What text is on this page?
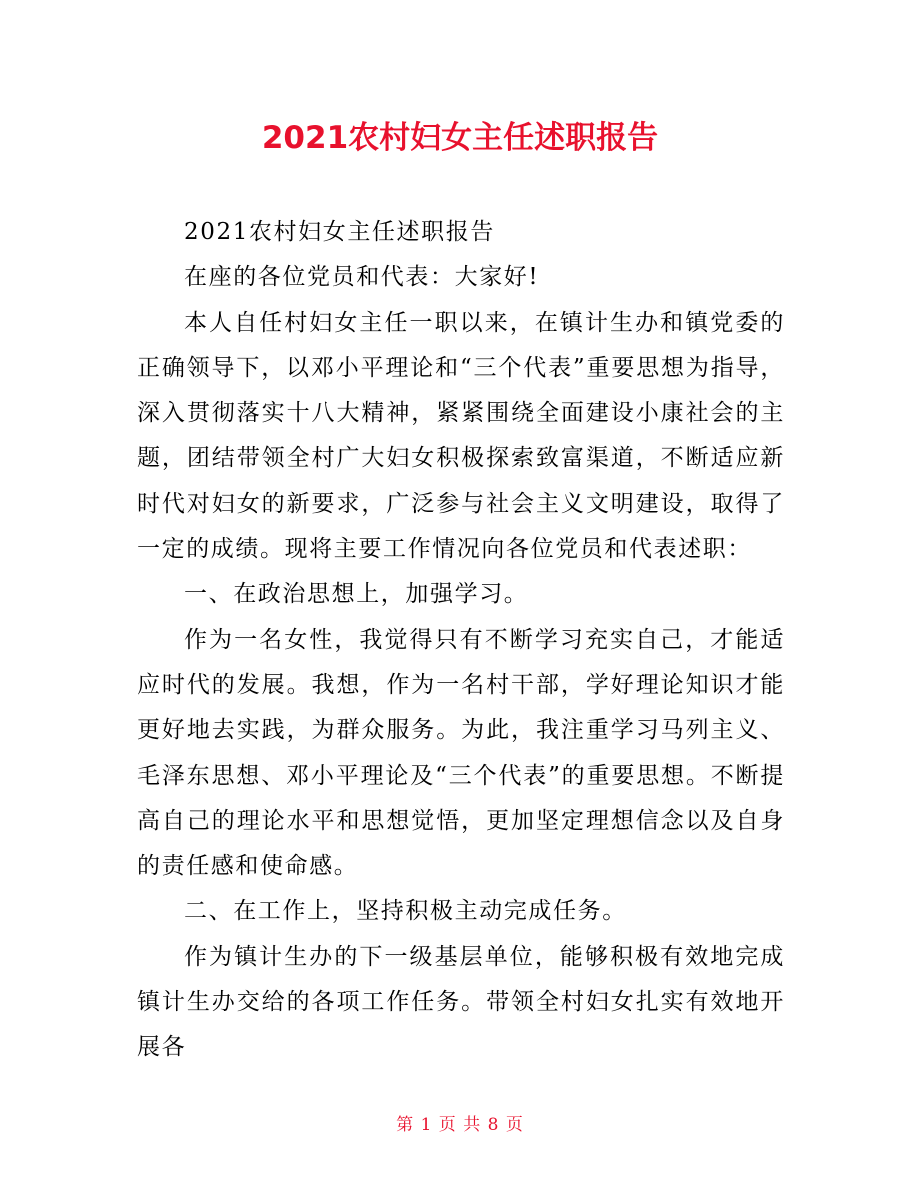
2021农村妇女主任述职报告

2021农村妇女主任述职报告

在座的各位党员和代表：大家好!

本人自任村妇女主任一职以来，在镇计生办和镇党委的正确领导下，以邓小平理论和“三个代表”重要思想为指导，深入贯彻落实十八大精神，紧紧围绕全面建设小康社会的主题，团结带领全村广大妇女积极探索致富渠道，不断适应新时代对妇女的新要求，广泛参与社会主义文明建设，取得了一定的成绩。现将主要工作情况向各位党员和代表述职：

一、在政治思想上，加强学习。

作为一名女性，我觉得只有不断学习充实自己，才能适应时代的发展。我想，作为一名村干部，学好理论知识才能更好地去实践，为群众服务。为此，我注重学习马列主义、毛泽东思想、邓小平理论及“三个代表”的重要思想。不断提高自己的理论水平和思想觉悟，更加坚定理想信念以及自身的责任感和使命感。

二、在工作上，坚持积极主动完成任务。

作为镇计生办的下一级基层单位，能够积极有效地完成镇计生办交给的各项工作任务。带领全村妇女扎实有效地开展各

第 1 页 共 8 页
